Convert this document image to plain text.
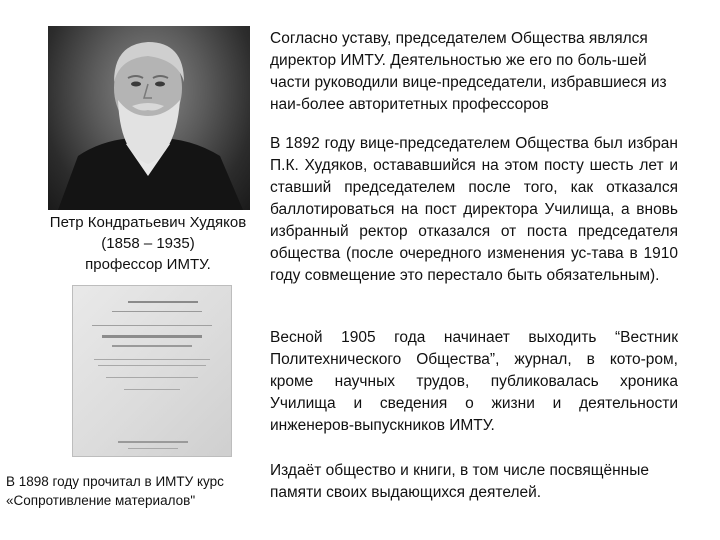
Петр Кондратьевич Худяков
(1858 – 1935)
профессор ИМТУ.
В 1898 году прочитал в ИМТУ курс
«Сопротивление материалов"

Согласно уставу, председателем Общества являлся директор ИМТУ. Деятельностью же его по боль-шей части руководили вице-председатели, избравшиеся из наи-более авторитетных профессоров

В 1892 году вице-председателем Общества был избран П.К. Худяков, остававшийся на этом посту шесть лет и ставший председателем после того, как отказался баллотироваться на пост директора Училища, а вновь избранный ректор отказался от поста председателя общества (после очередного изменения ус-тава в 1910 году совмещение это перестало быть обязательным).

Весной 1905 года начинает выходить “Вестник Политехнического Общества”, журнал, в кото-ром, кроме научных трудов, публиковалась хроника Училища и сведения о жизни и деятельности инженеров-выпускников ИМТУ.

Издаёт общество и книги, в том числе посвящённые памяти своих выдающихся деятелей.
